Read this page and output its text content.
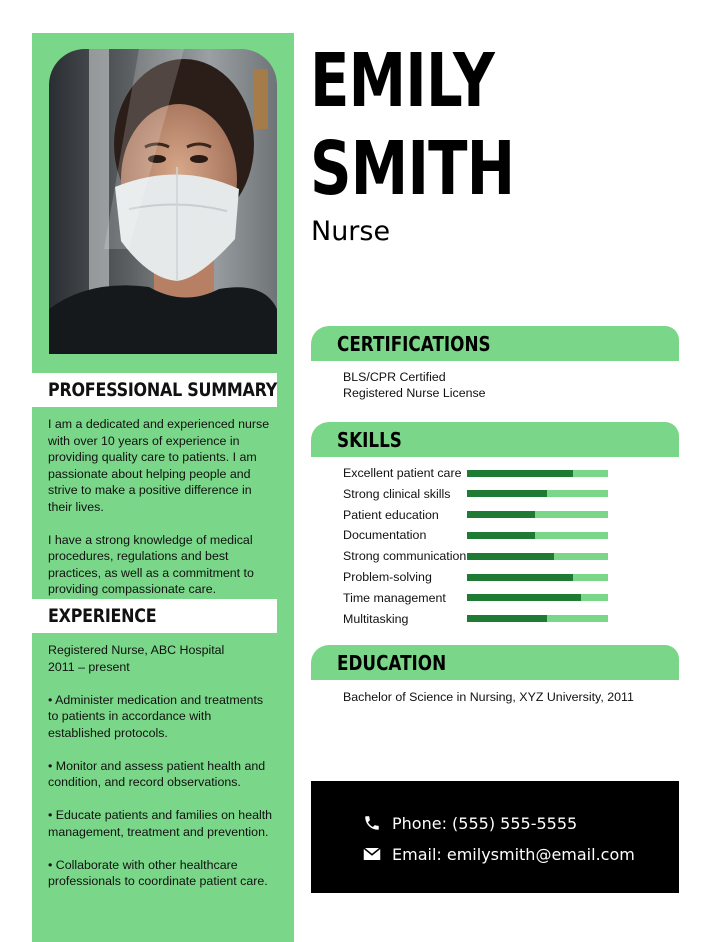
PROFESSIONAL SUMMARY

I am a dedicated and experienced nurse with over 10 years of experience in providing quality care to patients. I am passionate about helping people and strive to make a positive difference in their lives.

I have a strong knowledge of medical procedures, regulations and best practices, as well as a commitment to providing compassionate care.

EXPERIENCE

Registered Nurse, ABC Hospital

2011 – present

• Administer medication and treatments to patients in accordance with established protocols.

• Monitor and assess patient health and condition, and record observations.

• Educate patients and families on health management, treatment and prevention.

• Collaborate with other healthcare professionals to coordinate patient care.

EMILY
SMITH
Nurse
CERTIFICATIONS
BLS/CPR Certified
Registered Nurse License
SKILLS
Excellent patient care
Strong clinical skills
Patient education
Documentation
Strong communication
Problem-solving
Time management
Multitasking
EDUCATION
Bachelor of Science in Nursing, XYZ University, 2011
Phone: (555) 555-5555
Email: emilysmith@email.com
